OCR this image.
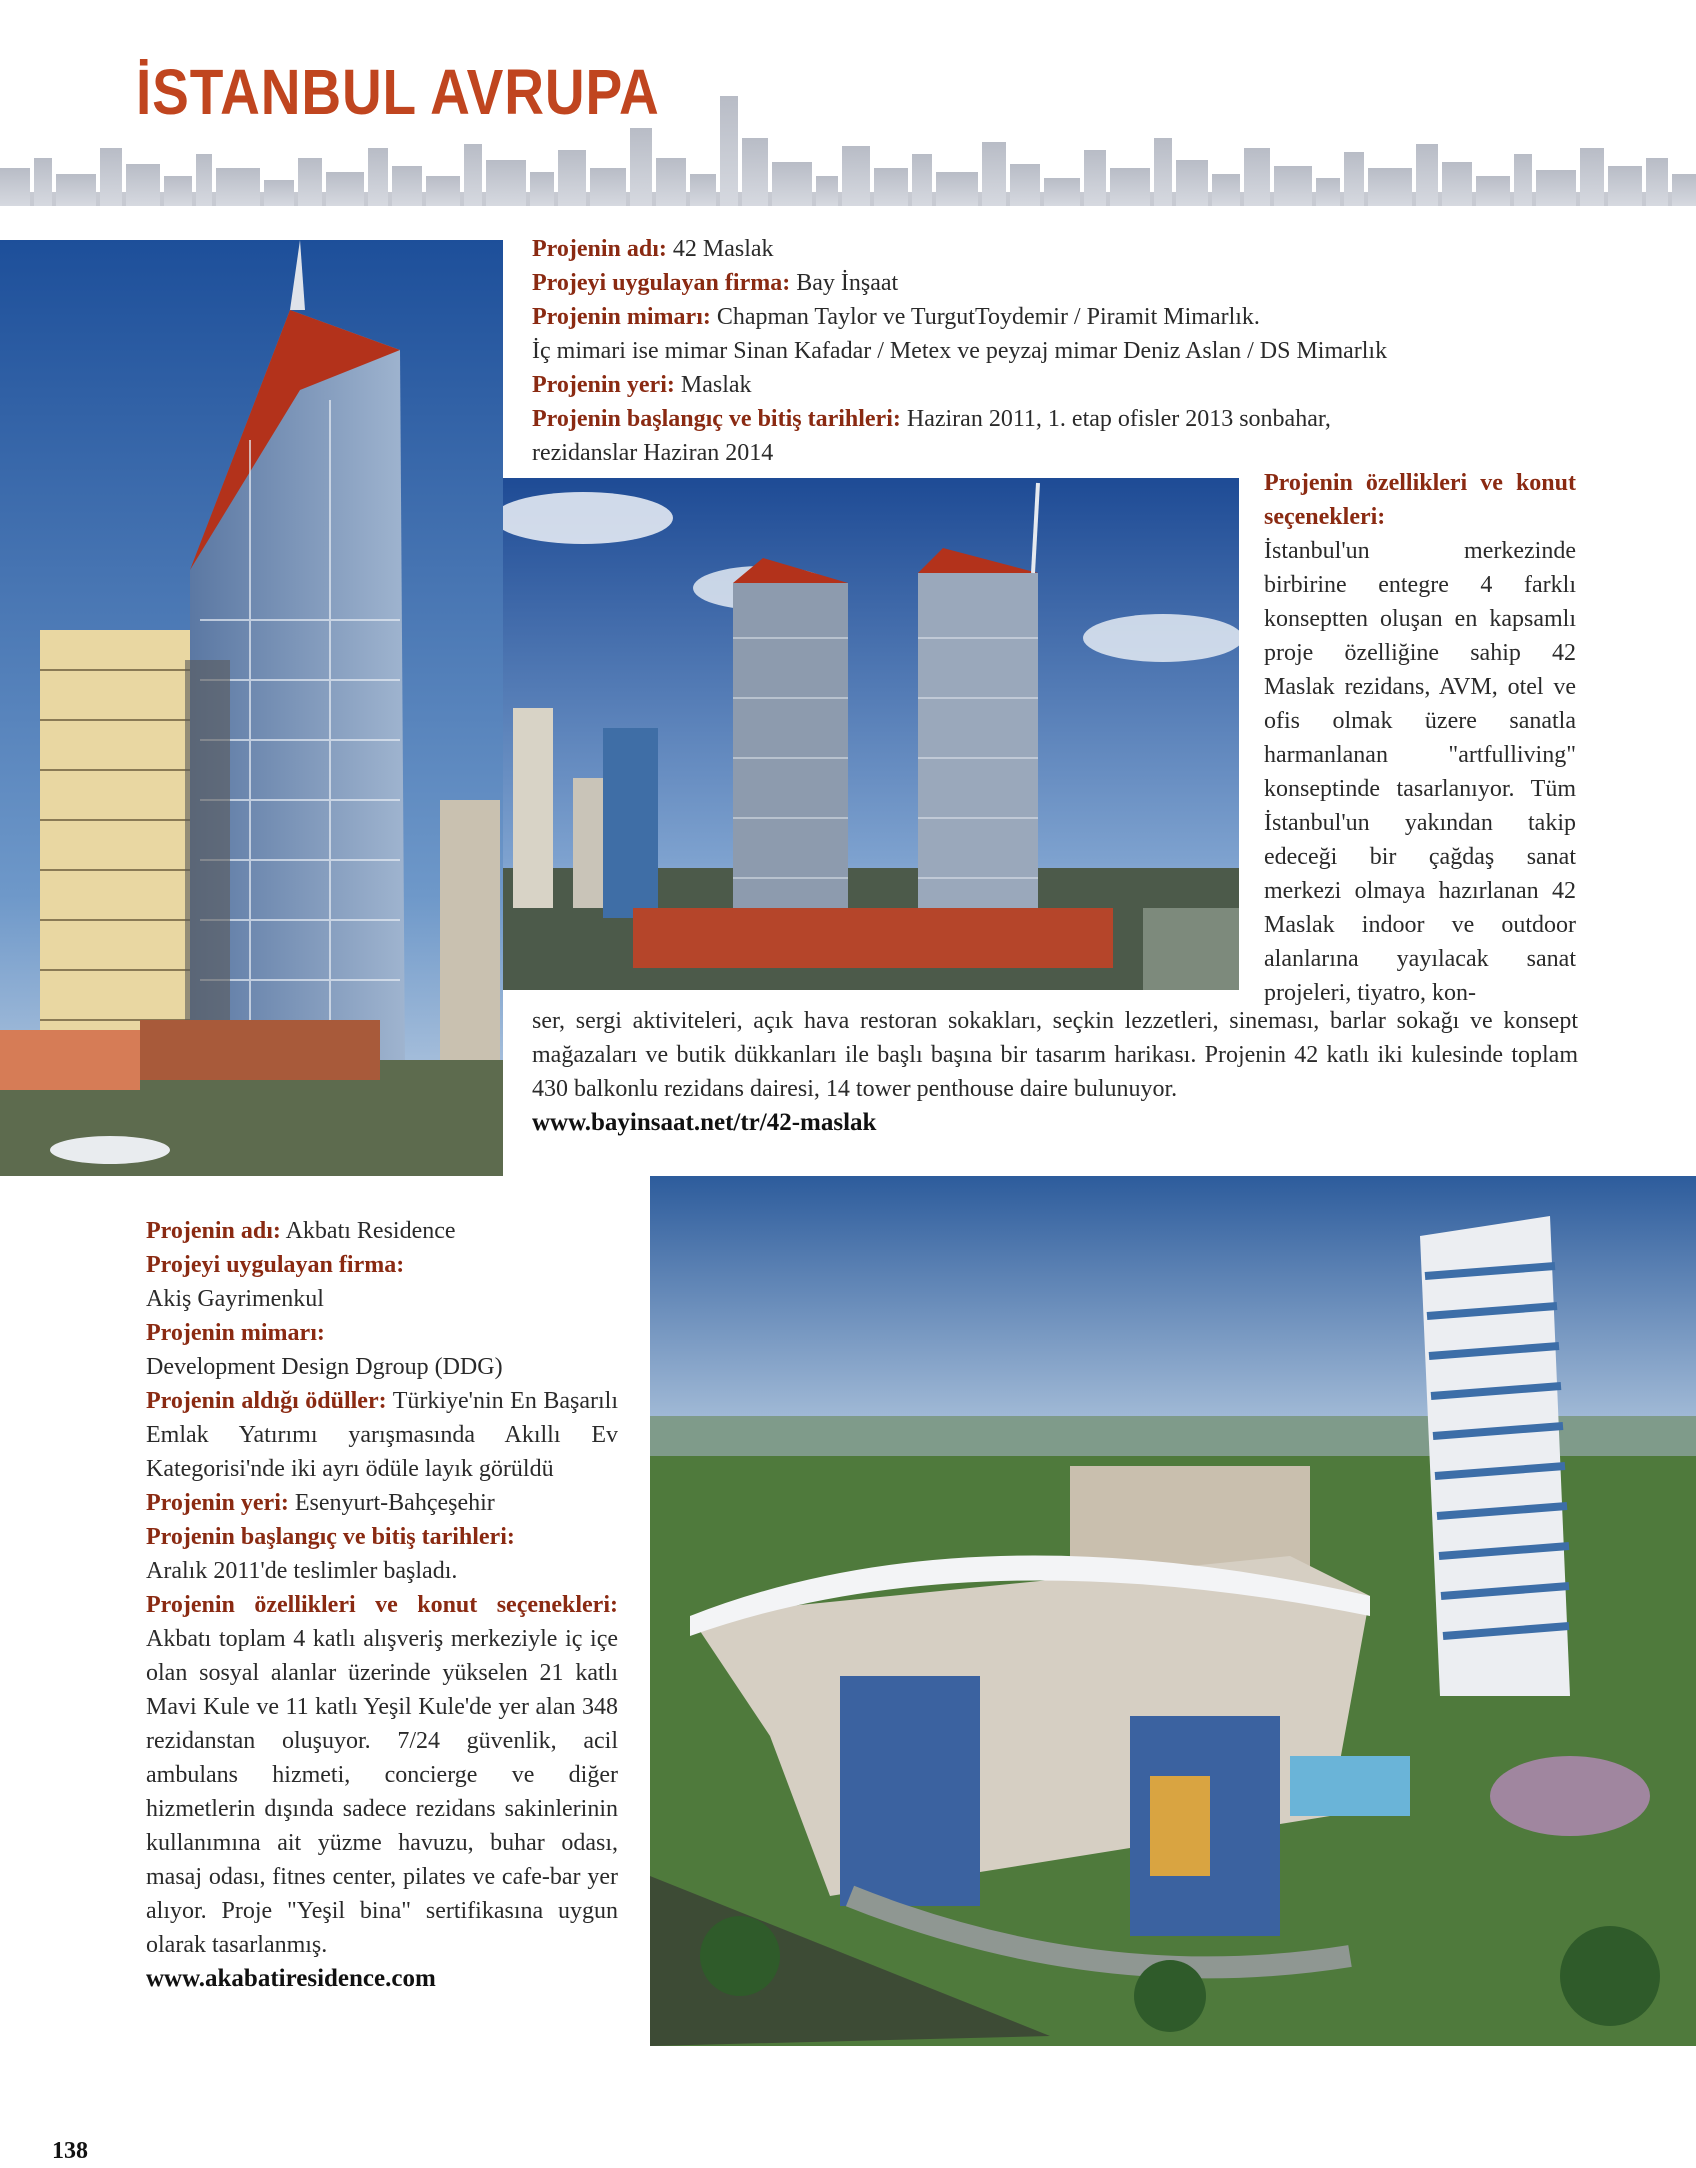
İSTANBUL AVRUPA

Projenin adı: 42 Maslak

Projeyi uygulayan firma: Bay İnşaat

Projenin mimarı: Chapman Taylor ve TurgutToydemir / Piramit Mimarlık.

İç mimari ise mimar Sinan Kafadar / Metex ve peyzaj mimar Deniz Aslan / DS Mimarlık

Projenin yeri: Maslak

Projenin başlangıç ve bitiş tarihleri: Haziran 2011, 1. etap ofisler 2013 sonbahar,

rezidanslar Haziran 2014

Projenin özellikleri ve konut seçenekleri:

İstanbul'un merkezinde birbirine entegre 4 farklı konseptten oluşan en kapsamlı proje özelliğine sahip 42 Maslak rezidans, AVM, otel ve ofis olmak üzere sanatla harmanlanan "artfulliving" konseptinde tasarlanıyor. Tüm İstanbul'un yakından takip edeceği bir çağdaş sanat merkezi olmaya hazırlanan 42 Maslak indoor ve outdoor alanlarına yayılacak sanat projeleri, tiyatro, kon-

ser, sergi aktiviteleri, açık hava restoran sokakları, seçkin lezzetleri, sineması, barlar sokağı ve konsept mağazaları ve butik dükkanları ile başlı başına bir tasarım harikası. Projenin 42 katlı iki kulesinde toplam 430 balkonlu rezidans dairesi, 14 tower penthouse daire bulunuyor.

www.bayinsaat.net/tr/42-maslak

Projenin adı: Akbatı Residence

Projeyi uygulayan firma:

Akiş Gayrimenkul

Projenin mimarı:

Development Design Dgroup (DDG)

Projenin aldığı ödüller: Türkiye'nin En Başarılı Emlak Yatırımı yarışmasında Akıllı Ev Kategorisi'nde iki ayrı ödüle layık görüldü

Projenin yeri: Esenyurt-Bahçeşehir

Projenin başlangıç ve bitiş tarihleri:

Aralık 2011'de teslimler başladı.

Projenin özellikleri ve konut seçenekleri: Akbatı toplam 4 katlı alışveriş merkeziyle iç içe olan sosyal alanlar üzerinde yükselen 21 katlı Mavi Kule ve 11 katlı Yeşil Kule'de yer alan 348 rezidanstan oluşuyor. 7/24 güvenlik, acil ambulans hizmeti, concierge ve diğer hizmetlerin dışında sadece rezidans sakinlerinin kullanımına ait yüzme havuzu, buhar odası, masaj odası, fitnes center, pilates ve cafe-bar yer alıyor. Proje "Yeşil bina" sertifikasına uygun olarak tasarlanmış.

www.akabatiresidence.com

138
